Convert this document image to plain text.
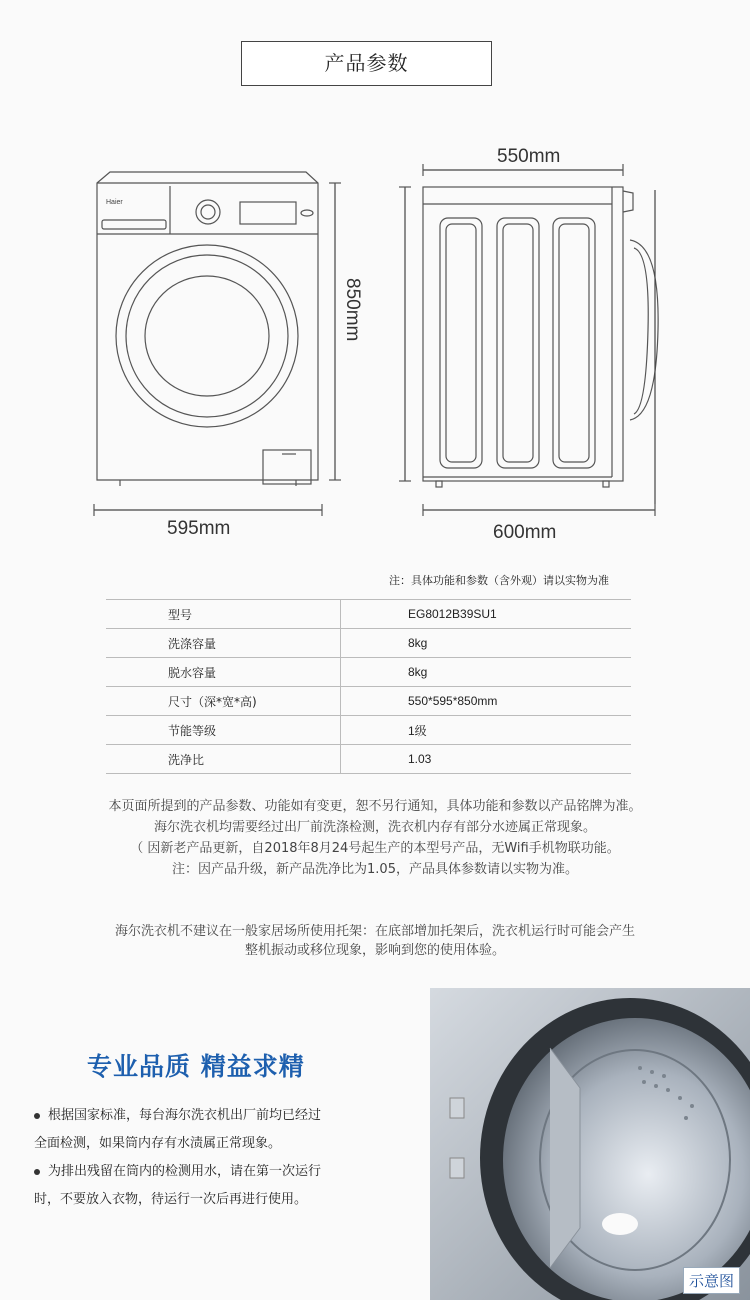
产品参数
Haier
550mm
850mm
595mm	600mm
注：具体功能和参数（含外观）请以实物为准
型号	EG8012B39SU1
洗涤容量	8kg
脱水容量	8kg
尺寸（深*宽*高)	550*595*850mm
节能等级	1级
洗净比	1.03
本页面所提到的产品参数、功能如有变更，恕不另行通知，具体功能和参数以产品铭牌为准。
海尔洗衣机均需要经过出厂前洗涤检测，洗衣机内存有部分水迹属正常现象。
（ 因新老产品更新，自2018年8月24号起生产的本型号产品，无Wifi手机物联功能。
注：因产品升级，新产品洗净比为1.05，产品具体参数请以实物为准。
海尔洗衣机不建议在一般家居场所使用托架：在底部增加托架后，洗衣机运行时可能会产生
整机振动或移位现象，影响到您的使用体验。
专业品质 精益求精
根据国家标准，每台海尔洗衣机出厂前均已经过
全面检测，如果筒内存有水渍属正常现象。
为排出残留在筒内的检测用水，请在第一次运行
时，不要放入衣物，待运行一次后再进行使用。
示意图
